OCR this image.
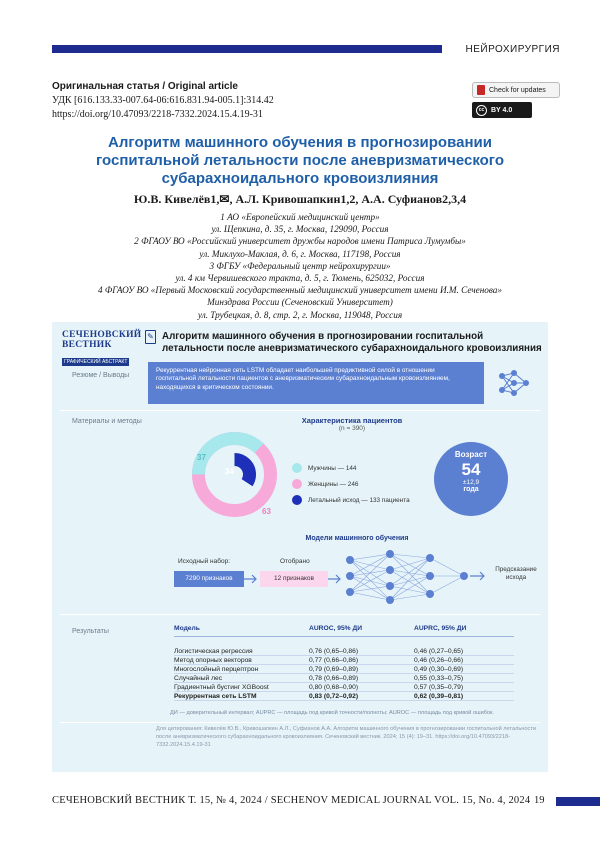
НЕЙРОХИРУРГИЯ
Оригинальная статья / Original article
УДК [616.133.33-007.64-06:616.831.94-005.1]:314.42
https://doi.org/10.47093/2218-7332.2024.15.4.19-31
Check for updates
cc BY 4.0
Алгоритм машинного обучения в прогнозировании
госпитальной летальности после аневризматического
субарахноидального кровоизлияния
Ю.В. Кивелёв1,✉, А.Л. Кривошапкин1,2, А.А. Суфианов2,3,4
1 АО «Европейский медицинский центр»
ул. Щепкина, д. 35, г. Москва, 129090, Россия
2 ФГАОУ ВО «Российский университет дружбы народов имени Патриса Лумумбы»
ул. Миклухо-Маклая, д. 6, г. Москва, 117198, Россия
3 ФГБУ «Федеральный центр нейрохирургии»
ул. 4 км Червишевского тракта, д. 5, г. Тюмень, 625032, Россия
4 ФГАОУ ВО «Первый Московский государственный медицинский университет имени И.М. Сеченова»
Минздрава России (Сеченовский Университет)
ул. Трубецкая, д. 8, стр. 2, г. Москва, 119048, Россия
СЕЧЕНОВСКИЙ
ВЕСТНИК
ГРАФИЧЕСКИЙ АБСТРАКТ
✎ Алгоритм машинного обучения в прогнозировании госпитальной летальности после аневризматического субарахноидального кровоизлияния
Резюме / Выводы
Рекуррентная нейронная сеть LSTM обладает наибольшей предиктивной силой в отношении госпитальной летальности пациентов с аневризматическим субарахноидальным кровоизлиянием, находящихся в критическом состоянии.
Материалы и методы	Характеристика пациентов
(n = 390)
37
34
63
Мужчины — 144
Женщины — 246
Летальный исход — 133 пациента
Возраст
54
±12,9
года
Модели машинного обучения
Исходный набор:
7290 признаков
Отобрано
12 признаков
Предсказание исхода
Результаты	Модель	AUROC, 95% ДИ	AUPRC, 95% ДИ
Логистическая регрессия	0,76 (0,65–0,86)	0,46 (0,27–0,65)
Метод опорных векторов	0,77 (0,66–0,86)	0,46 (0,26–0,66)
Многослойный перцептрон	0,79 (0,69–0,89)	0,49 (0,30–0,69)
Случайный лес	0,78 (0,66–0,89)	0,55 (0,33–0,75)
Градиентный бустинг XGBoost	0,80 (0,68–0,90)	0,57 (0,35–0,79)
Рекуррентная сеть LSTM	0,83 (0,72–0,92)	0,62 (0,39–0,81)
ДИ — доверительный интервал; AUPRC — площадь под кривой точности/полноты; AUROC — площадь под кривой ошибок.
Для цитирования: Кивелёв Ю.В., Кривошапкин А.Л., Суфианов А.А. Алгоритм машинного обучения в прогнозировании госпитальной летальности после аневризматического субарахноидального кровоизлияния. Сеченовский вестник. 2024; 15 (4): 19–31. https://doi.org/10.47093/2218-7332.2024.15.4.19-31
СЕЧЕНОВСКИЙ ВЕСТНИК Т. 15, № 4, 2024 / SECHENOV MEDICAL JOURNAL VOL. 15, No. 4, 2024 19
